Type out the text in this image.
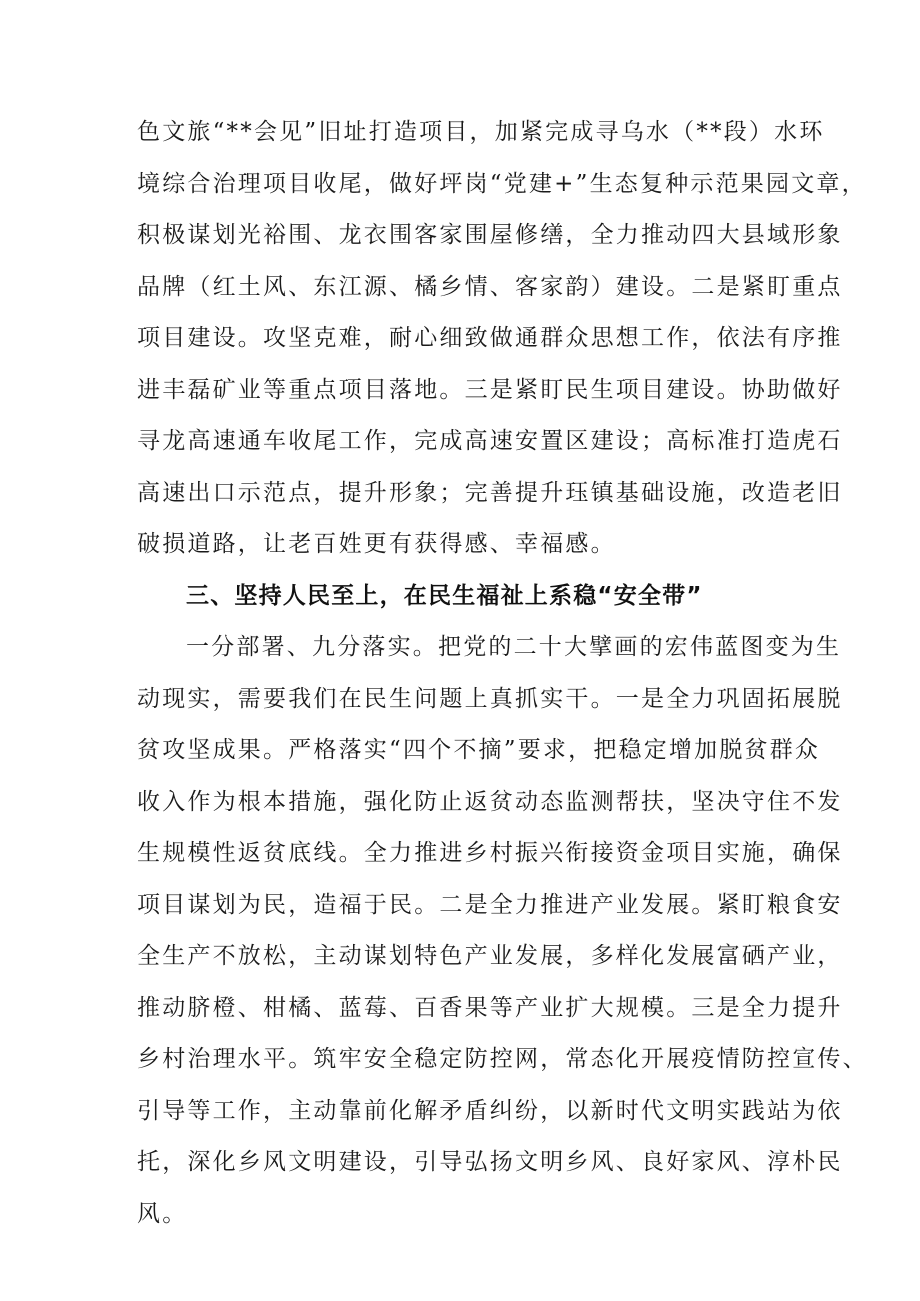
色文旅“**会见”旧址打造项目，加紧完成寻乌水（**段）水环
境综合治理项目收尾，做好坪岗“党建+”生态复种示范果园文章，
积极谋划光裕围、龙衣围客家围屋修缮，全力推动四大县域形象
品牌（红土风、东江源、橘乡情、客家韵）建设。二是紧盯重点
项目建设。攻坚克难，耐心细致做通群众思想工作，依法有序推
进丰磊矿业等重点项目落地。三是紧盯民生项目建设。协助做好
寻龙高速通车收尾工作，完成高速安置区建设；高标准打造虎石
高速出口示范点，提升形象；完善提升珏镇基础设施，改造老旧
破损道路，让老百姓更有获得感、幸福感。
三、坚持人民至上，在民生福祉上系稳“安全带”
一分部署、九分落实。把党的二十大擘画的宏伟蓝图变为生
动现实，需要我们在民生问题上真抓实干。一是全力巩固拓展脱
贫攻坚成果。严格落实“四个不摘”要求，把稳定增加脱贫群众
收入作为根本措施，强化防止返贫动态监测帮扶，坚决守住不发
生规模性返贫底线。全力推进乡村振兴衔接资金项目实施，确保
项目谋划为民，造福于民。二是全力推进产业发展。紧盯粮食安
全生产不放松，主动谋划特色产业发展，多样化发展富硒产业，
推动脐橙、柑橘、蓝莓、百香果等产业扩大规模。三是全力提升
乡村治理水平。筑牢安全稳定防控网，常态化开展疫情防控宣传、
引导等工作，主动靠前化解矛盾纠纷，以新时代文明实践站为依
托，深化乡风文明建设，引导弘扬文明乡风、良好家风、淳朴民
风。
